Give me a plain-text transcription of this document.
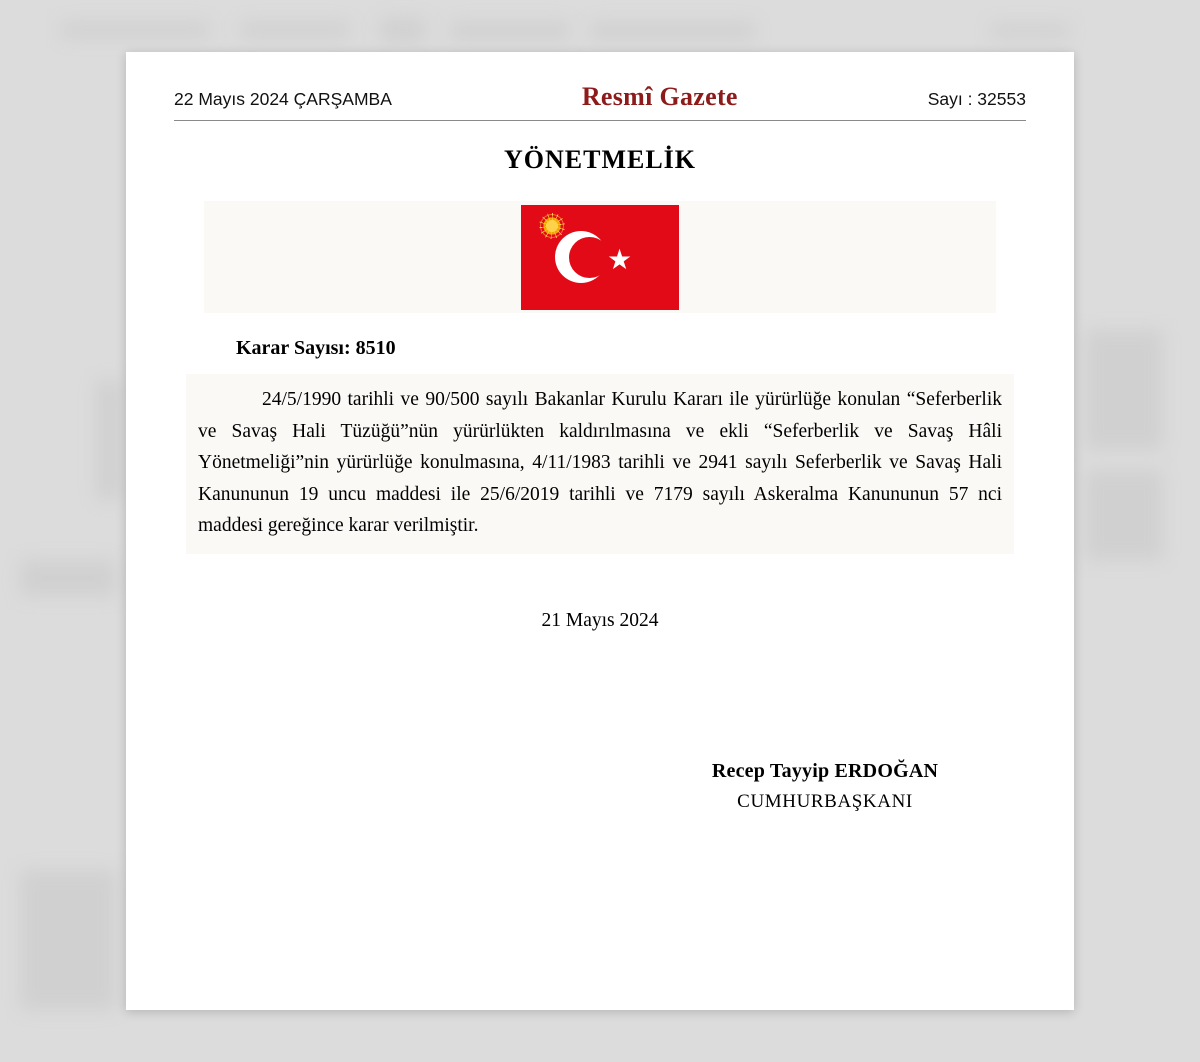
22 Mayıs 2024 ÇARŞAMBA	Resmî Gazete	Sayı : 32553
YÖNETMELİK
Karar Sayısı: 8510

24/5/1990 tarihli ve 90/500 sayılı Bakanlar Kurulu Kararı ile yürürlüğe konulan “Seferberlik ve Savaş Hali Tüzüğü”nün yürürlükten kaldırılmasına ve ekli “Seferberlik ve Savaş Hâli Yönetmeliği”nin yürürlüğe konulmasına, 4/11/1983 tarihli ve 2941 sayılı Seferberlik ve Savaş Hali Kanununun 19 uncu maddesi ile 25/6/2019 tarihli ve 7179 sayılı Askeralma Kanununun 57 nci maddesi gereğince karar verilmiştir.

21 Mayıs 2024
Recep Tayyip ERDOĞAN
CUMHURBAŞKANI
